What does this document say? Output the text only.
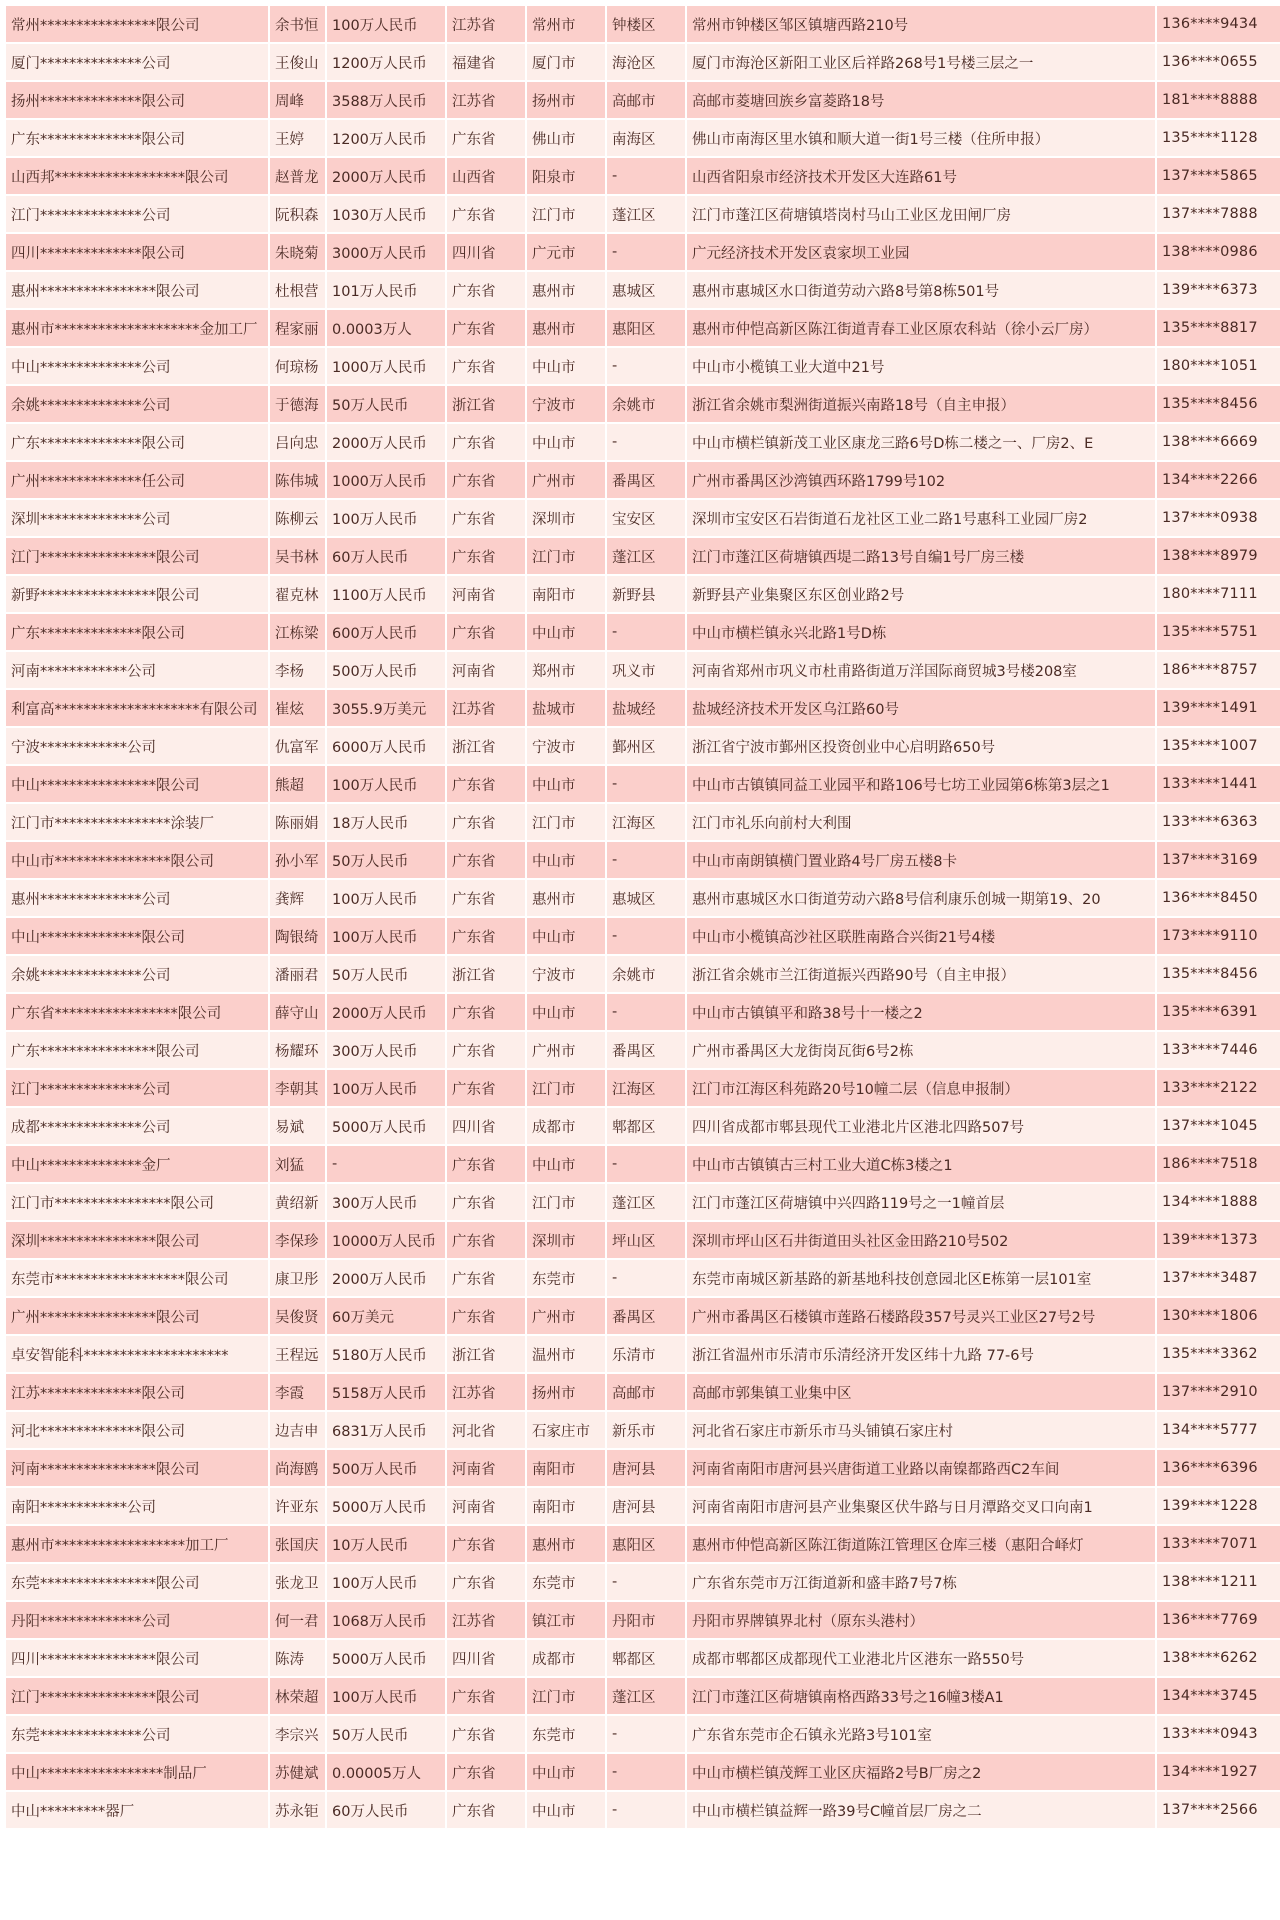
常州****************限公司	余书恒	100万人民币	江苏省	常州市	钟楼区	常州市钟楼区邹区镇塘西路210号	136****9434
厦门**************公司	王俊山	1200万人民币	福建省	厦门市	海沧区	厦门市海沧区新阳工业区后祥路268号1号楼三层之一	136****0655
扬州**************限公司	周峰	3588万人民币	江苏省	扬州市	高邮市	高邮市菱塘回族乡富菱路18号	181****8888
广东**************限公司	王婷	1200万人民币	广东省	佛山市	南海区	佛山市南海区里水镇和顺大道一街1号三楼（住所申报）	135****1128
山西邦******************限公司	赵普龙	2000万人民币	山西省	阳泉市	-	山西省阳泉市经济技术开发区大连路61号	137****5865
江门**************公司	阮积森	1030万人民币	广东省	江门市	蓬江区	江门市蓬江区荷塘镇塔岗村马山工业区龙田闸厂房	137****7888
四川**************限公司	朱晓菊	3000万人民币	四川省	广元市	-	广元经济技术开发区袁家坝工业园	138****0986
惠州****************限公司	杜根营	101万人民币	广东省	惠州市	惠城区	惠州市惠城区水口街道劳动六路8号第8栋501号	139****6373
惠州市********************金加工厂	程家丽	0.0003万人	广东省	惠州市	惠阳区	惠州市仲恺高新区陈江街道青春工业区原农科站（徐小云厂房）	135****8817
中山**************公司	何琼杨	1000万人民币	广东省	中山市	-	中山市小榄镇工业大道中21号	180****1051
余姚**************公司	于德海	50万人民币	浙江省	宁波市	余姚市	浙江省余姚市梨洲街道振兴南路18号（自主申报）	135****8456
广东**************限公司	吕向忠	2000万人民币	广东省	中山市	-	中山市横栏镇新茂工业区康龙三路6号D栋二楼之一、厂房2、E	138****6669
广州**************任公司	陈伟城	1000万人民币	广东省	广州市	番禺区	广州市番禺区沙湾镇西环路1799号102	134****2266
深圳**************公司	陈柳云	100万人民币	广东省	深圳市	宝安区	深圳市宝安区石岩街道石龙社区工业二路1号惠科工业园厂房2	137****0938
江门****************限公司	吴书林	60万人民币	广东省	江门市	蓬江区	江门市蓬江区荷塘镇西堤二路13号自编1号厂房三楼	138****8979
新野****************限公司	翟克林	1100万人民币	河南省	南阳市	新野县	新野县产业集聚区东区创业路2号	180****7111
广东**************限公司	江栋梁	600万人民币	广东省	中山市	-	中山市横栏镇永兴北路1号D栋	135****5751
河南************公司	李杨	500万人民币	河南省	郑州市	巩义市	河南省郑州市巩义市杜甫路街道万洋国际商贸城3号楼208室	186****8757
利富高********************有限公司	崔炫	3055.9万美元	江苏省	盐城市	盐城经	盐城经济技术开发区乌江路60号	139****1491
宁波************公司	仇富军	6000万人民币	浙江省	宁波市	鄞州区	浙江省宁波市鄞州区投资创业中心启明路650号	135****1007
中山****************限公司	熊超	100万人民币	广东省	中山市	-	中山市古镇镇同益工业园平和路106号七坊工业园第6栋第3层之1	133****1441
江门市****************涂装厂	陈丽娟	18万人民币	广东省	江门市	江海区	江门市礼乐向前村大利围	133****6363
中山市****************限公司	孙小军	50万人民币	广东省	中山市	-	中山市南朗镇横门置业路4号厂房五楼8卡	137****3169
惠州**************公司	龚辉	100万人民币	广东省	惠州市	惠城区	惠州市惠城区水口街道劳动六路8号信利康乐创城一期第19、20	136****8450
中山**************限公司	陶银绮	100万人民币	广东省	中山市	-	中山市小榄镇高沙社区联胜南路合兴街21号4楼	173****9110
余姚**************公司	潘丽君	50万人民币	浙江省	宁波市	余姚市	浙江省余姚市兰江街道振兴西路90号（自主申报）	135****8456
广东省*****************限公司	薛守山	2000万人民币	广东省	中山市	-	中山市古镇镇平和路38号十一楼之2	135****6391
广东****************限公司	杨耀环	300万人民币	广东省	广州市	番禺区	广州市番禺区大龙街岗瓦街6号2栋	133****7446
江门**************公司	李朝其	100万人民币	广东省	江门市	江海区	江门市江海区科苑路20号10幢二层（信息申报制）	133****2122
成都**************公司	易斌	5000万人民币	四川省	成都市	郫都区	四川省成都市郫县现代工业港北片区港北四路507号	137****1045
中山**************金厂	刘猛	-	广东省	中山市	-	中山市古镇镇古三村工业大道C栋3楼之1	186****7518
江门市****************限公司	黄绍新	300万人民币	广东省	江门市	蓬江区	江门市蓬江区荷塘镇中兴四路119号之一1幢首层	134****1888
深圳****************限公司	李保珍	10000万人民币	广东省	深圳市	坪山区	深圳市坪山区石井街道田头社区金田路210号502	139****1373
东莞市******************限公司	康卫彤	2000万人民币	广东省	东莞市	-	东莞市南城区新基路的新基地科技创意园北区E栋第一层101室	137****3487
广州****************限公司	吴俊贤	60万美元	广东省	广州市	番禺区	广州市番禺区石楼镇市莲路石楼路段357号灵兴工业区27号2号	130****1806
卓安智能科********************	王程远	5180万人民币	浙江省	温州市	乐清市	浙江省温州市乐清市乐清经济开发区纬十九路 77-6号	135****3362
江苏**************限公司	李霞	5158万人民币	江苏省	扬州市	高邮市	高邮市郭集镇工业集中区	137****2910
河北**************限公司	边吉申	6831万人民币	河北省	石家庄市	新乐市	河北省石家庄市新乐市马头铺镇石家庄村	134****5777
河南****************限公司	尚海鸥	500万人民币	河南省	南阳市	唐河县	河南省南阳市唐河县兴唐街道工业路以南镍都路西C2车间	136****6396
南阳************公司	许亚东	5000万人民币	河南省	南阳市	唐河县	河南省南阳市唐河县产业集聚区伏牛路与日月潭路交叉口向南1	139****1228
惠州市******************加工厂	张国庆	10万人民币	广东省	惠州市	惠阳区	惠州市仲恺高新区陈江街道陈江管理区仓库三楼（惠阳合峄灯	133****7071
东莞****************限公司	张龙卫	100万人民币	广东省	东莞市	-	广东省东莞市万江街道新和盛丰路7号7栋	138****1211
丹阳**************公司	何一君	1068万人民币	江苏省	镇江市	丹阳市	丹阳市界牌镇界北村（原东头港村）	136****7769
四川****************限公司	陈涛	5000万人民币	四川省	成都市	郫都区	成都市郫都区成都现代工业港北片区港东一路550号	138****6262
江门****************限公司	林荣超	100万人民币	广东省	江门市	蓬江区	江门市蓬江区荷塘镇南格西路33号之16幢3楼A1	134****3745
东莞**************公司	李宗兴	50万人民币	广东省	东莞市	-	广东省东莞市企石镇永光路3号101室	133****0943
中山*****************制品厂	苏健斌	0.00005万人	广东省	中山市	-	中山市横栏镇茂辉工业区庆福路2号B厂房之2	134****1927
中山*********器厂	苏永钜	60万人民币	广东省	中山市	-	中山市横栏镇益辉一路39号C幢首层厂房之二	137****2566
